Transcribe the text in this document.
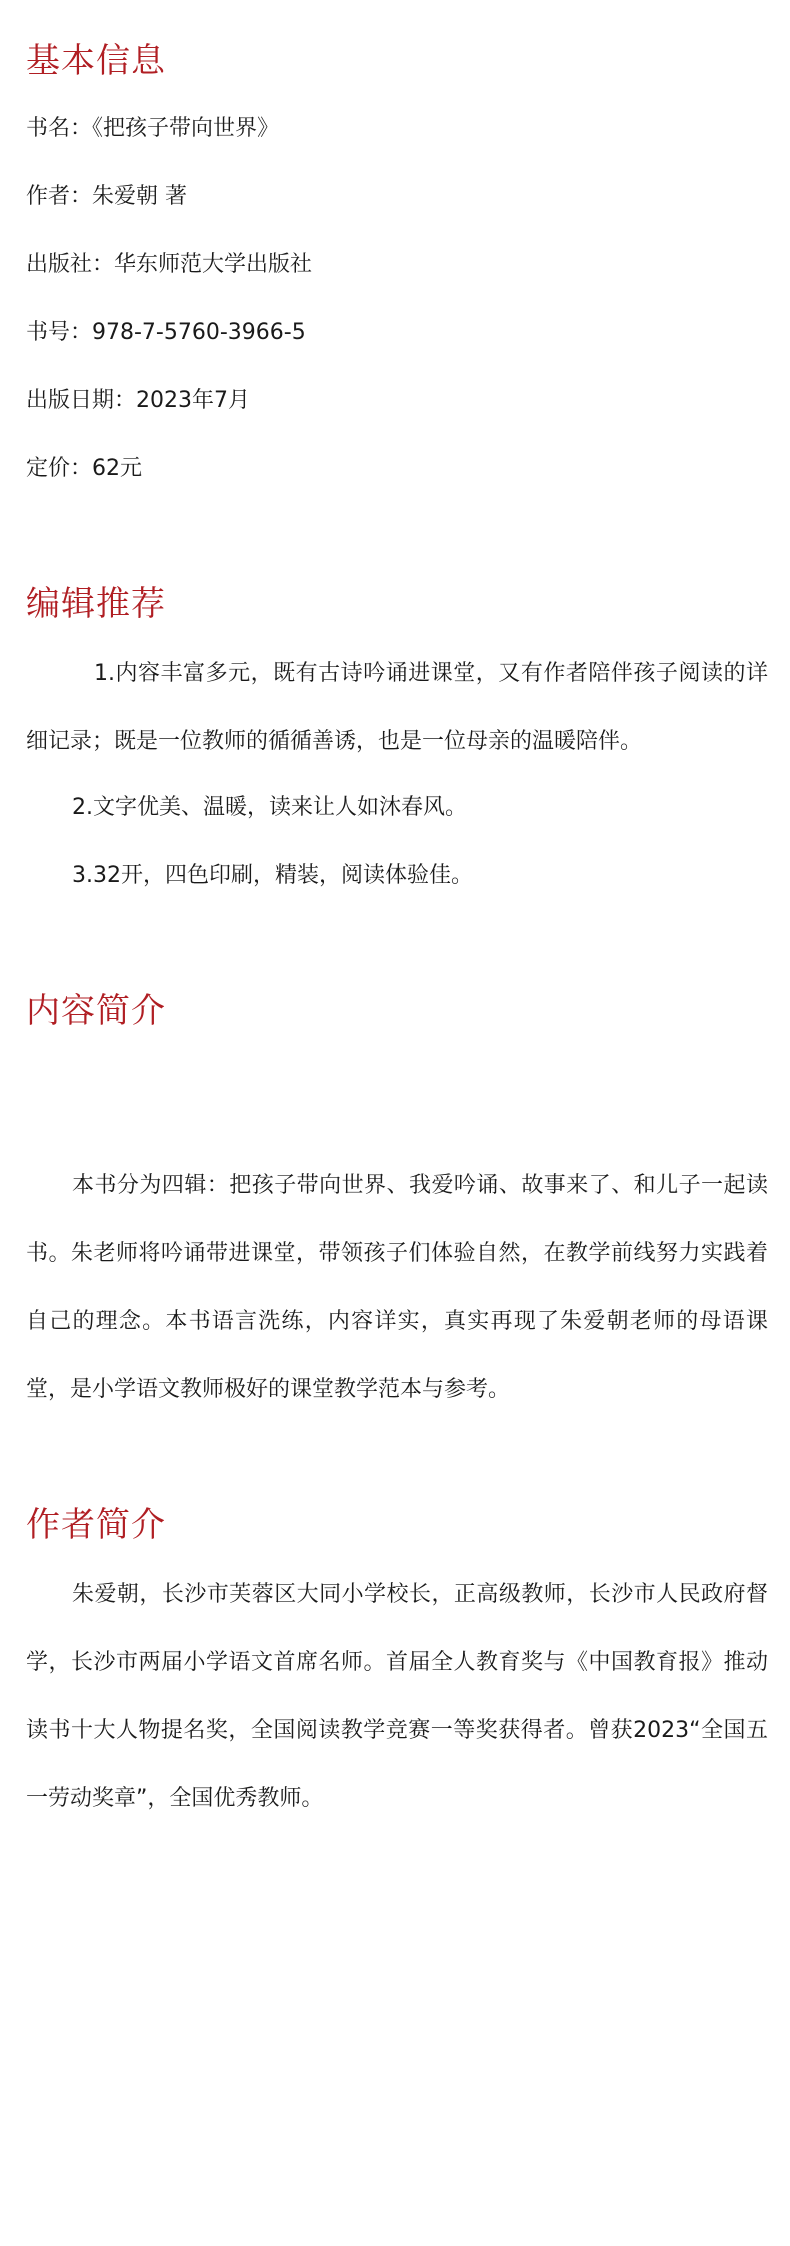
基本信息

书名：《把孩子带向世界》

作者：朱爱朝 著

出版社：华东师范大学出版社

书号：978-7-5760-3966-5

出版日期：2023年7月

定价：62元

编辑推荐

1.内容丰富多元，既有古诗吟诵进课堂，又有作者陪伴孩子阅读的详细记录；既是一位教师的循循善诱，也是一位母亲的温暖陪伴。

2.文字优美、温暖，读来让人如沐春风。

3.32开，四色印刷，精装，阅读体验佳。

内容简介

本书分为四辑：把孩子带向世界、我爱吟诵、故事来了、和儿子一起读书。朱老师将吟诵带进课堂，带领孩子们体验自然，在教学前线努力实践着自己的理念。本书语言洗练，内容详实，真实再现了朱爱朝老师的母语课堂，是小学语文教师极好的课堂教学范本与参考。

作者简介

朱爱朝，长沙市芙蓉区大同小学校长，正高级教师，长沙市人民政府督学，长沙市两届小学语文首席名师。首届全人教育奖与《中国教育报》推动读书十大人物提名奖，全国阅读教学竞赛一等奖获得者。曾获2023“全国五一劳动奖章”，全国优秀教师。
